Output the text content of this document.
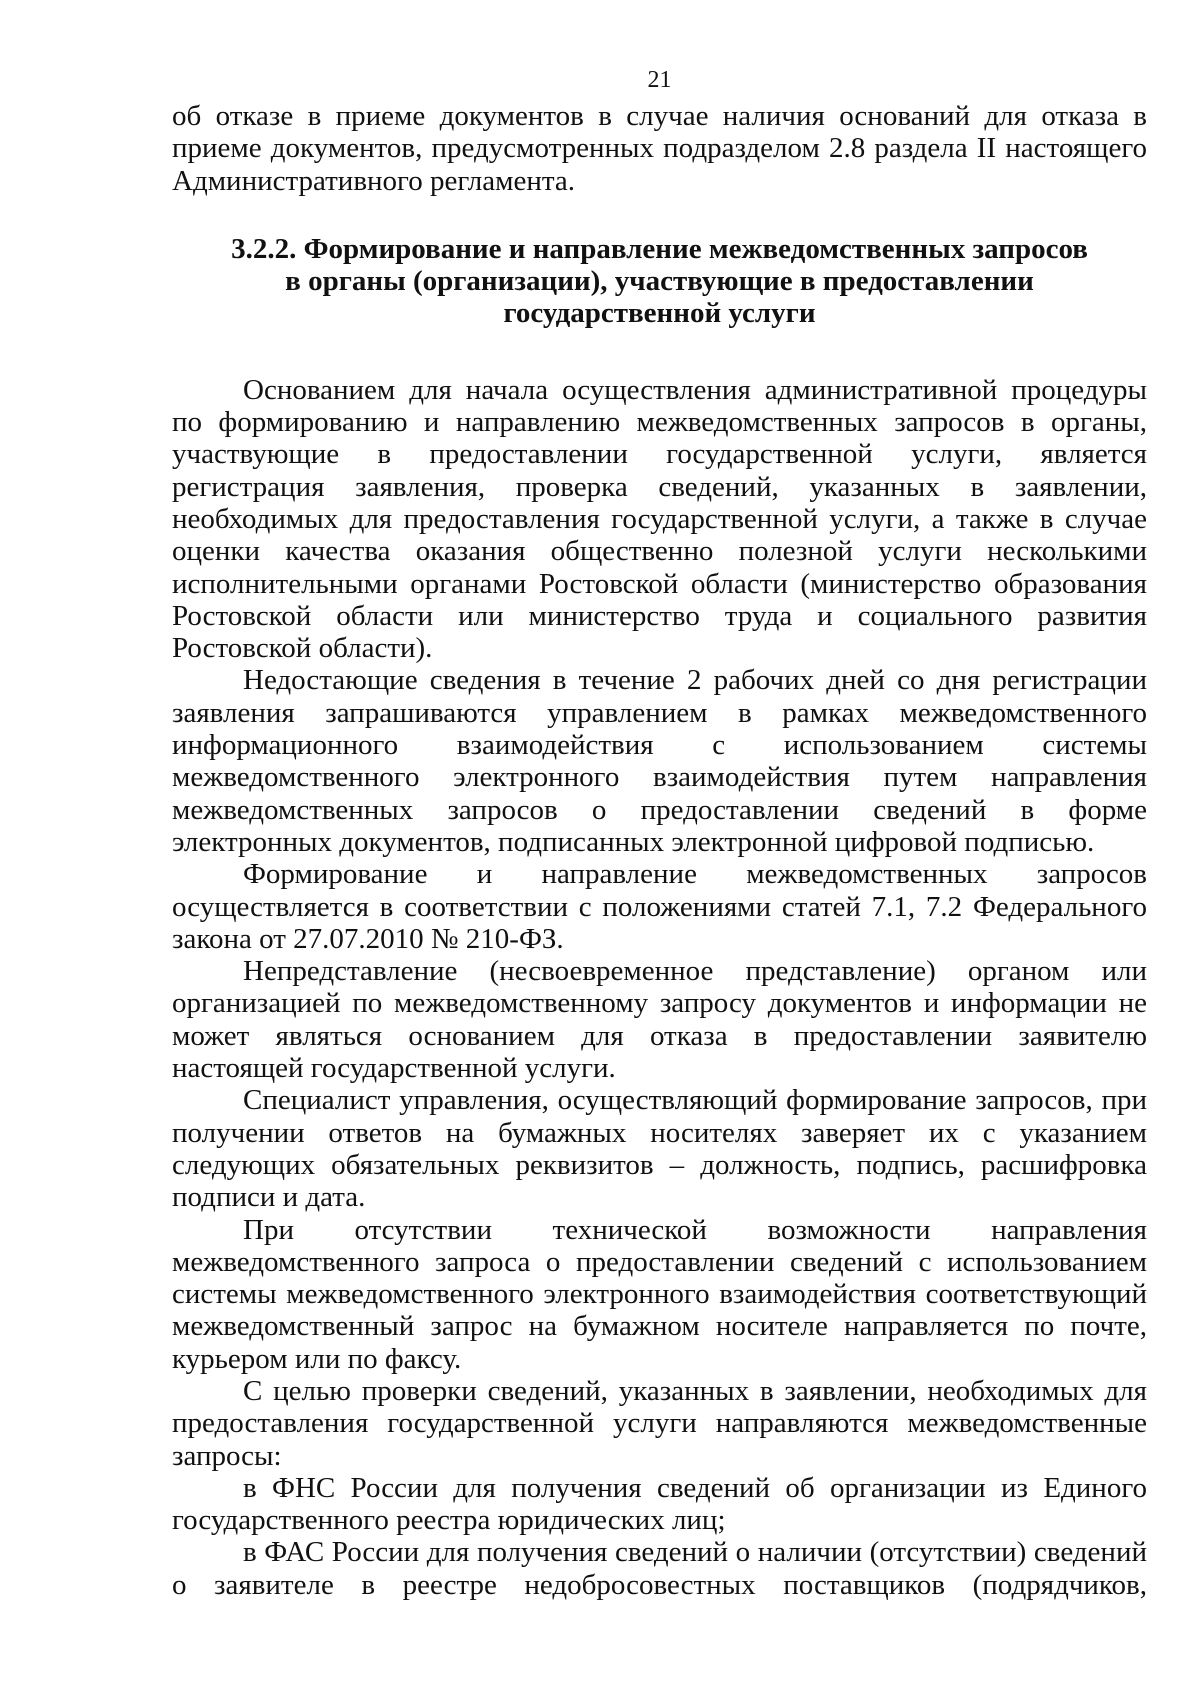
21

об отказе в приеме документов в случае наличия оснований для отказа в приеме документов, предусмотренных подразделом 2.8 раздела II настоящего Административного регламента.

3.2.2. Формирование и направление межведомственных запросов
в органы (организации), участвующие в предоставлении
государственной услуги

Основанием для начала осуществления административной процедуры по формированию и направлению межведомственных запросов в органы, участвующие в предоставлении государственной услуги, является регистрация заявления, проверка сведений, указанных в заявлении, необходимых для предоставления государственной услуги, а также в случае оценки качества оказания общественно полезной услуги несколькими исполнительными органами Ростовской области (министерство образования Ростовской области или министерство труда и социального развития Ростовской области).

Недостающие сведения в течение 2 рабочих дней со дня регистрации заявления запрашиваются управлением в рамках межведомственного информационного взаимодействия с использованием системы межведомственного электронного взаимодействия путем направления межведомственных запросов о предоставлении сведений в форме электронных документов, подписанных электронной цифровой подписью.

Формирование и направление межведомственных запросов осуществляется в соответствии с положениями статей 7.1, 7.2 Федерального закона от 27.07.2010 № 210-ФЗ.

Непредставление (несвоевременное представление) органом или организацией по межведомственному запросу документов и информации не может являться основанием для отказа в предоставлении заявителю настоящей государственной услуги.

Специалист управления, осуществляющий формирование запросов, при получении ответов на бумажных носителях заверяет их с указанием следующих обязательных реквизитов – должность, подпись, расшифровка подписи и дата.

При отсутствии технической возможности направления межведомственного запроса о предоставлении сведений с использованием системы межведомственного электронного взаимодействия соответствующий межведомственный запрос на бумажном носителе направляется по почте, курьером или по факсу.

С целью проверки сведений, указанных в заявлении, необходимых для предоставления государственной услуги направляются межведомственные запросы:

в ФНС России для получения сведений об организации из Единого государственного реестра юридических лиц;

в ФАС России для получения сведений о наличии (отсутствии) сведений о заявителе в реестре недобросовестных поставщиков (подрядчиков,
